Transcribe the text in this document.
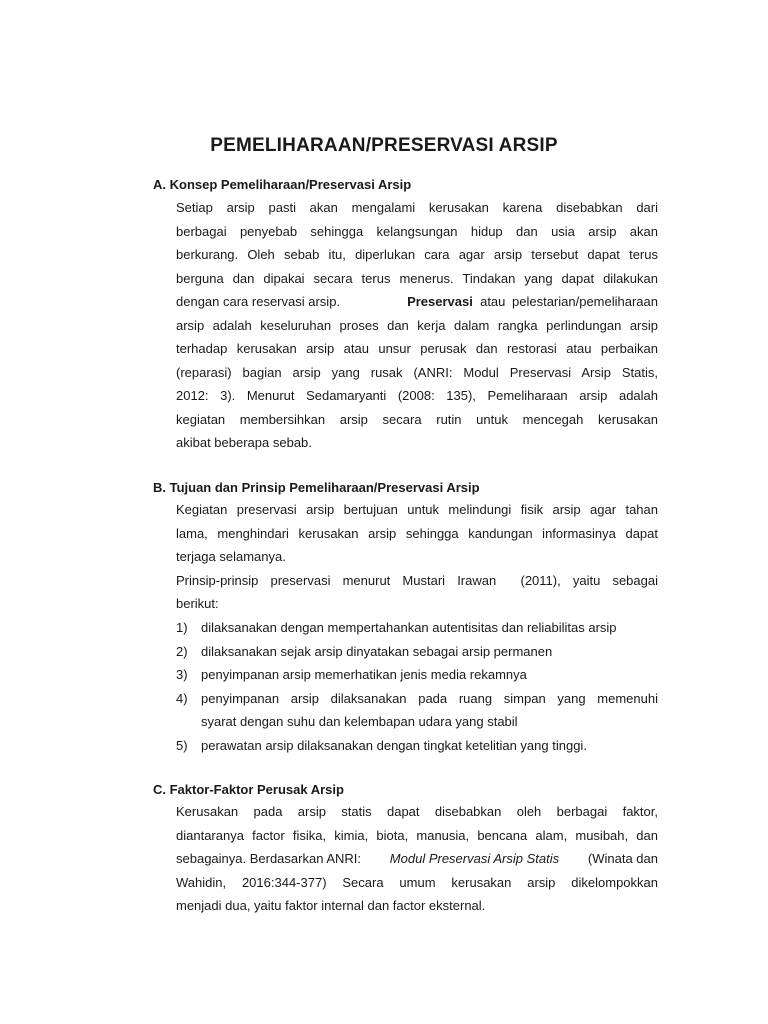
PEMELIHARAAN/PRESERVASI ARSIP
A. Konsep Pemeliharaan/Preservasi Arsip
Setiap arsip pasti akan mengalami kerusakan karena disebabkan dari
berbagai penyebab sehingga kelangsungan hidup dan usia arsip akan
berkurang. Oleh sebab itu, diperlukan cara agar arsip tersebut dapat terus
berguna dan dipakai secara terus menerus. Tindakan yang dapat dilakukan
dengan cara reservasi arsip.	Preservasi atau pelestarian/pemeliharaan
arsip adalah keseluruhan proses dan kerja dalam rangka perlindungan arsip
terhadap kerusakan arsip atau unsur perusak dan restorasi atau perbaikan
(reparasi) bagian arsip yang rusak (ANRI: Modul Preservasi Arsip Statis,
2012: 3). Menurut Sedamaryanti (2008: 135), Pemeliharaan arsip adalah
kegiatan membersihkan arsip secara rutin untuk mencegah kerusakan
akibat beberapa sebab.
B. Tujuan dan Prinsip Pemeliharaan/Preservasi Arsip
Kegiatan preservasi arsip bertujuan untuk melindungi fisik arsip agar tahan
lama, menghindari kerusakan arsip sehingga kandungan informasinya dapat
terjaga selamanya.
Prinsip-prinsip preservasi menurut Mustari Irawan  (2011), yaitu sebagai
berikut:
1) dilaksanakan dengan mempertahankan autentisitas dan reliabilitas arsip
2) dilaksanakan sejak arsip dinyatakan sebagai arsip permanen
3) penyimpanan arsip memerhatikan jenis media rekamnya
4) penyimpanan arsip dilaksanakan pada ruang simpan yang memenuhi
syarat dengan suhu dan kelembapan udara yang stabil
5) perawatan arsip dilaksanakan dengan tingkat ketelitian yang tinggi.
C. Faktor-Faktor Perusak Arsip
Kerusakan pada arsip statis dapat disebabkan oleh berbagai faktor,
diantaranya factor fisika, kimia, biota, manusia, bencana alam, musibah, dan
sebagainya. Berdasarkan ANRI: Modul Preservasi Arsip Statis (Winata dan
Wahidin, 2016:344-377) Secara umum kerusakan arsip dikelompokkan
menjadi dua, yaitu faktor internal dan factor eksternal.
